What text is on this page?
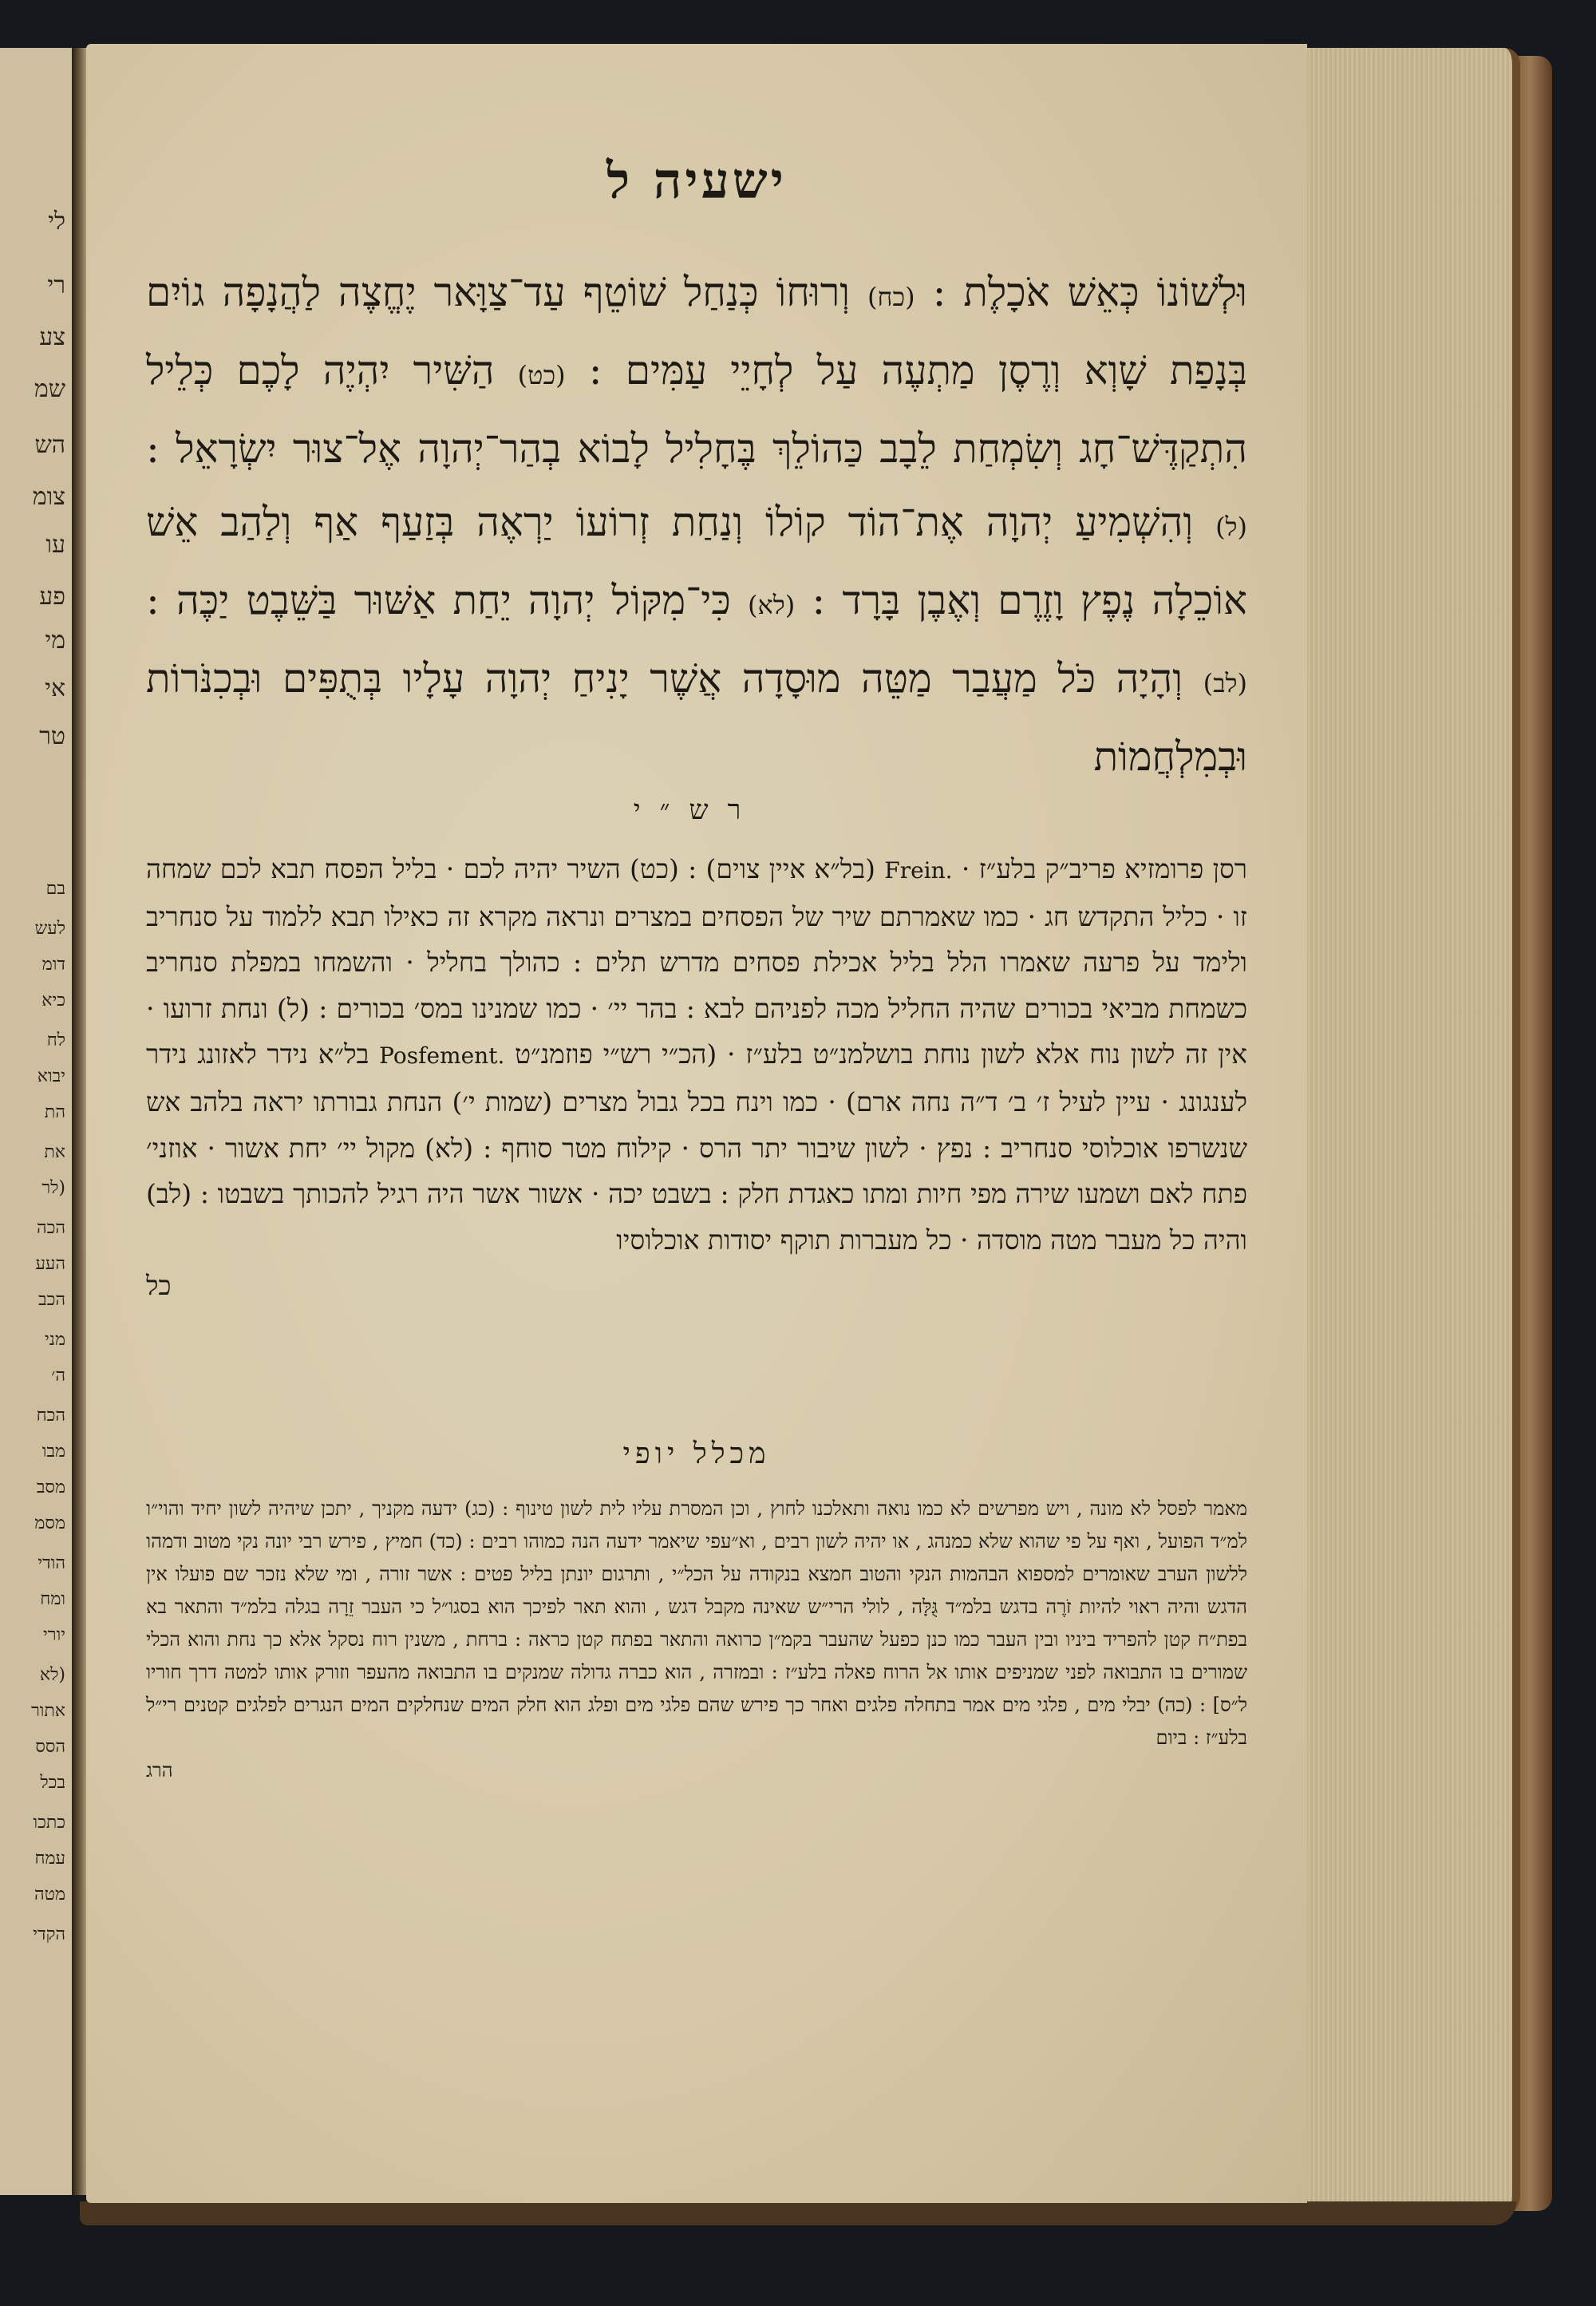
לי
רי
צע
שמ
הש
צומ
עו
פע
מי
אי
טר
בם
לעש
דומ
כיא
לח
יבוא
הת
את
(לר
הכה
העע
הכב
מני
ה׳
הכח
מבו
מסב
מסמ
הודי
ומח
יורי
(לא
אתור
הסס
בכל
כתכו
עמח
מטה
הקדי
ישעיה ל
וּלְשׁוֹנוֹ כְּאֵשׁ אֹכָלֶת : (כח) וְרוּחוֹ כְּנַחַל שׁוֹטֵף עַד־צַוָּאר יֶחֱצֶה לַהֲנָפָה גוֹיִם בְּנָפַת שָׁוְא וְרֶסֶן מַתְעֶה עַל לְחָיֵי עַמִּים : (כט) הַשִּׁיר יִהְיֶה לָכֶם כְּלֵיל הִתְקַדֶּשׁ־חָג וְשִׂמְחַת לֵבָב כַּהוֹלֵךְ בֶּחָלִיל לָבוֹא בְהַר־יְהוָה אֶל־צוּר יִשְׂרָאֵל : (ל) וְהִשְׁמִיעַ יְהוָה אֶת־הוֹד קוֹלוֹ וְנַחַת זְרוֹעוֹ יַרְאֶה בְּזַעַף אַף וְלַהַב אֵשׁ אוֹכֵלָה נֶפֶץ וָזֶרֶם וְאֶבֶן בָּרָד : (לא) כִּי־מִקּוֹל יְהוָה יֵחַת אַשּׁוּר בַּשֵּׁבֶט יַכֶּה : (לב) וְהָיָה כֹּל מַעֲבַר מַטֵּה מוּסָדָה אֲשֶׁר יָנִיחַ יְהוָה עָלָיו בְּתֻפִּים וּבְכִנֹּרוֹת וּבְמִלְחֲמוֹת
רש״י
רסן פרומזיא פריב״ק בלע״ז · Frein. (בל״א איין צוים) : (כט) השיר יהיה לכם · בליל הפסח תבא לכם שמחה זו · כליל התקדש חג · כמו שאמרתם שיר של הפסחים במצרים ונראה מקרא זה כאילו תבא ללמוד על סנחריב ולימד על פרעה שאמרו הלל בליל אכילת פסחים מדרש תלים : כהולך בחליל · והשמחו במפלת סנחריב כשמחת מביאי בכורים שהיה החליל מכה לפניהם לבא : בהר יי׳ · כמו שמנינו במס׳ בכורים : (ל) ונחת זרועו · אין זה לשון נוח אלא לשון נוחת בושלמנ״ט בלע״ז · (הכ״י רש״י פוזמנ״ט Posfement. בל״א נידר לאזונג נידר לענגונג · עיין לעיל ז׳ ב׳ ד״ה נחה ארם) · כמו וינח בכל גבול מצרים (שמות י׳) הנחת גבורתו יראה בלהב אש שנשרפו אוכלוסי סנחריב : נפץ · לשון שיבור יתר הרס · קילוח מטר סוחף : (לא) מקול יי׳ יחת אשור · אוזני׳ פתח לאם ושמעו שירה מפי חיות ומתו כאגדת חלק : בשבט יכה · אשור אשר היה רגיל להכותך בשבטו : (לב) והיה כל מעבר מטה מוסדה · כל מעברות תוקף יסודות אוכלוסיו
כל
מכלל יופי
מאמר לפסל לא מונה , ויש מפרשים לא כמו נואה ותאלכנו לחוץ , וכן המסרת עליו לית לשון טינוף : (כג) ידעה מקניך , יתכן שיהיה לשון יחיד והוי״ו למ״ד הפועל , ואף על פי שהוא שלא כמנהג , או יהיה לשון רבים , וא״עפי שיאמר ידעה הנה כמוהו רבים : (כד) חמיץ , פירש רבי יונה נקי מטוב ודמהו ללשון הערב שאומרים למספוא הבהמות הנקי והטוב חמצא בנקודה על הכל״י , ותרגום יונתן בליל פטים : אשר זורה , ומי שלא נזכר שם פועלו אין הדגש והיה ראוי להיות זֹרֶה בדגש בלמ״ד גֻּלָּה , לולי הרי״ש שאינה מקבל דגש , והוא תאר לפיכך הוא בסגו״ל כי העבר זֵרָה בגלה בלמ״ד והתאר בא בפת״ח קטן להפריד ביניו ובין העבר כמו כנן כפעל שהעבר בקמ״ן כרואה והתאר בפתח קטן כראה : ברחת , משנין רוח נסקל אלא כך נחת והוא הכלי שמורים בו התבואה לפני שמניפים אותו אל הרוח פאלה בלע״ז : ובמזרה , הוא כברה גדולה שמנקים בו התבואה מהעפר וזורק אותו למטה דרך חוריו ל״ס] : (כה) יבלי מים , פלגי מים אמר בתחלה פלגים ואחר כך פירש שהם פלגי מים ופלג הוא חלק המים שנחלקים המים הנגרים לפלגים קטנים רי״ל בלע״ז : ביום
הרג
